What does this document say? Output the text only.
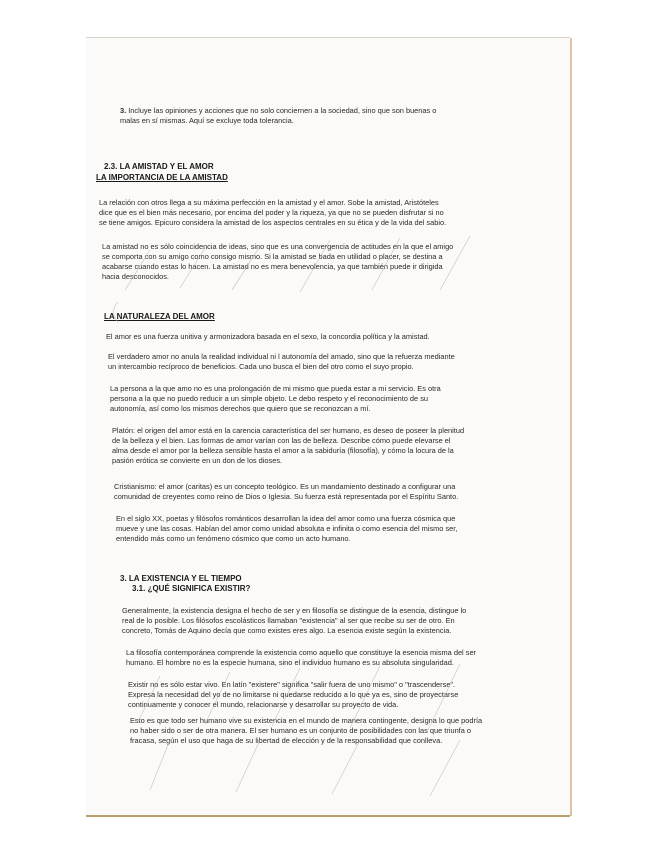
3. Incluye las opiniones y acciones que no solo conciernen a la sociedad, sino que son buenas o
malas en sí mismas. Aquí se excluye toda tolerancia.
2.3. LA AMISTAD Y EL AMOR
LA IMPORTANCIA DE LA AMISTAD
La relación con otros llega a su máxima perfección en la amistad y el amor. Sobe la amistad, Aristóteles
dice que es el bien más necesario, por encima del poder y la riqueza, ya que no se pueden disfrutar si no
se tiene amigos. Epicuro considera la amistad de los aspectos centrales en su ética y de la vida del sabio.
La amistad no es sólo coincidencia de ideas, sino que es una convergencia de actitudes en la que el amigo
se comporta con su amigo como consigo mismo. Si la amistad se bada en utilidad o placer, se destina a
acabarse cuando estas lo hacen. La amistad no es mera benevolencia, ya que también puede ir dirigida
hacia desconocidos.
LA NATURALEZA DEL AMOR
El amor es una fuerza unitiva y armonizadora basada en el sexo, la concordia política y la amistad.
El verdadero amor no anula la realidad individual ni l autonomía del amado, sino que la refuerza mediante
un intercambio recíproco de beneficios. Cada uno busca el bien del otro como el suyo propio.
La persona a la que amo no es una prolongación de mi mismo que pueda estar a mi servicio. Es otra
persona a la que no puedo reducir a un simple objeto. Le debo respeto y el reconocimiento de su
autonomía, así como los mismos derechos que quiero que se reconozcan a mí.
Platón: el origen del amor está en la carencia característica del ser humano, es deseo de poseer la plenitud
de la belleza y el bien. Las formas de amor varían con las de belleza. Describe cómo puede elevarse el
alma desde el amor por la belleza sensible hasta el amor a la sabiduría (filosofía), y cómo la locura de la
pasión erótica se convierte en un don de los dioses.
Cristianismo: el amor (caritas) es un concepto teológico. Es un mandamiento destinado a configurar una
comunidad de creyentes como reino de Dios o Iglesia. Su fuerza está representada por el Espíritu Santo.
En el siglo XX, poetas y filósofos románticos desarrollan la idea del amor como una fuerza cósmica que
mueve y une las cosas. Habían del amor como unidad absoluta e infinita o como esencia del mismo ser,
entendido más como un fenómeno cósmico que como un acto humano.
3. LA EXISTENCIA Y EL TIEMPO
3.1. ¿QUÉ SIGNIFICA EXISTIR?
Generalmente, la existencia designa el hecho de ser y en filosofía se distingue de la esencia, distingue lo
real de lo posible. Los filósofos escolásticos llamaban "existencia" al ser que recibe su ser de otro. En
concreto, Tomás de Aquino decía que como existes eres algo. La esencia existe según la existencia.
La filosofía contemporánea comprende la existencia como aquello que constituye la esencia misma del ser
humano. El hombre no es la especie humana, sino el individuo humano es su absoluta singularidad.
Existir no es sólo estar vivo. En latín "existere" significa "salir fuera de uno mismo" o "trascenderse".
Expresa la necesidad del yo de no limitarse ni quedarse reducido a lo que ya es, sino de proyectarse
continuamente y conocer el mundo, relacionarse y desarrollar su proyecto de vida.
Esto es que todo ser humano vive su existencia en el mundo de manera contingente, designa lo que podría
no haber sido o ser de otra manera. El ser humano es un conjunto de posibilidades con las que triunfa o
fracasa, según el uso que haga de su libertad de elección y de la responsabilidad que conlleva.
